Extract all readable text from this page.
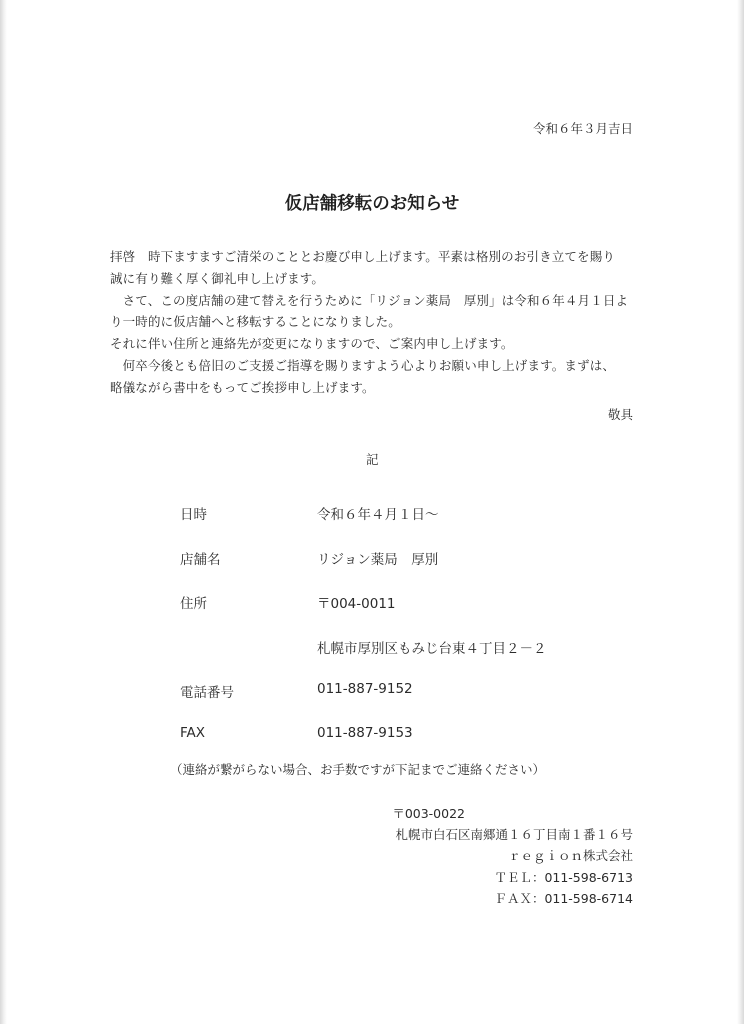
令和６年３月吉日
仮店舗移転のお知らせ
拝啓　時下ますますご清栄のこととお慶び申し上げます。平素は格別のお引き立てを賜り
誠に有り難く厚く御礼申し上げます。
　さて、この度店舗の建て替えを行うために「リジョン薬局　厚別」は令和６年４月１日よ
り一時的に仮店舗へと移転することになりました。
それに伴い住所と連絡先が変更になりますので、ご案内申し上げます。
　何卒今後とも倍旧のご支援ご指導を賜りますよう心よりお願い申し上げます。まずは、
略儀ながら書中をもってご挨拶申し上げます。
敬具
記
日時	令和６年４月１日〜
店舗名	リジョン薬局　厚別
住所	〒004-0011
札幌市厚別区もみじ台東４丁目２－２
電話番号	011-887-9152
FAX	011-887-9153
（連絡が繋がらない場合、お手数ですが下記までご連絡ください）
〒003-0022
札幌市白石区南郷通１６丁目南１番１６号
ｒｅｇｉｏｎ株式会社
ＴＥＬ：011-598-6713
ＦＡＸ：011-598-6714
